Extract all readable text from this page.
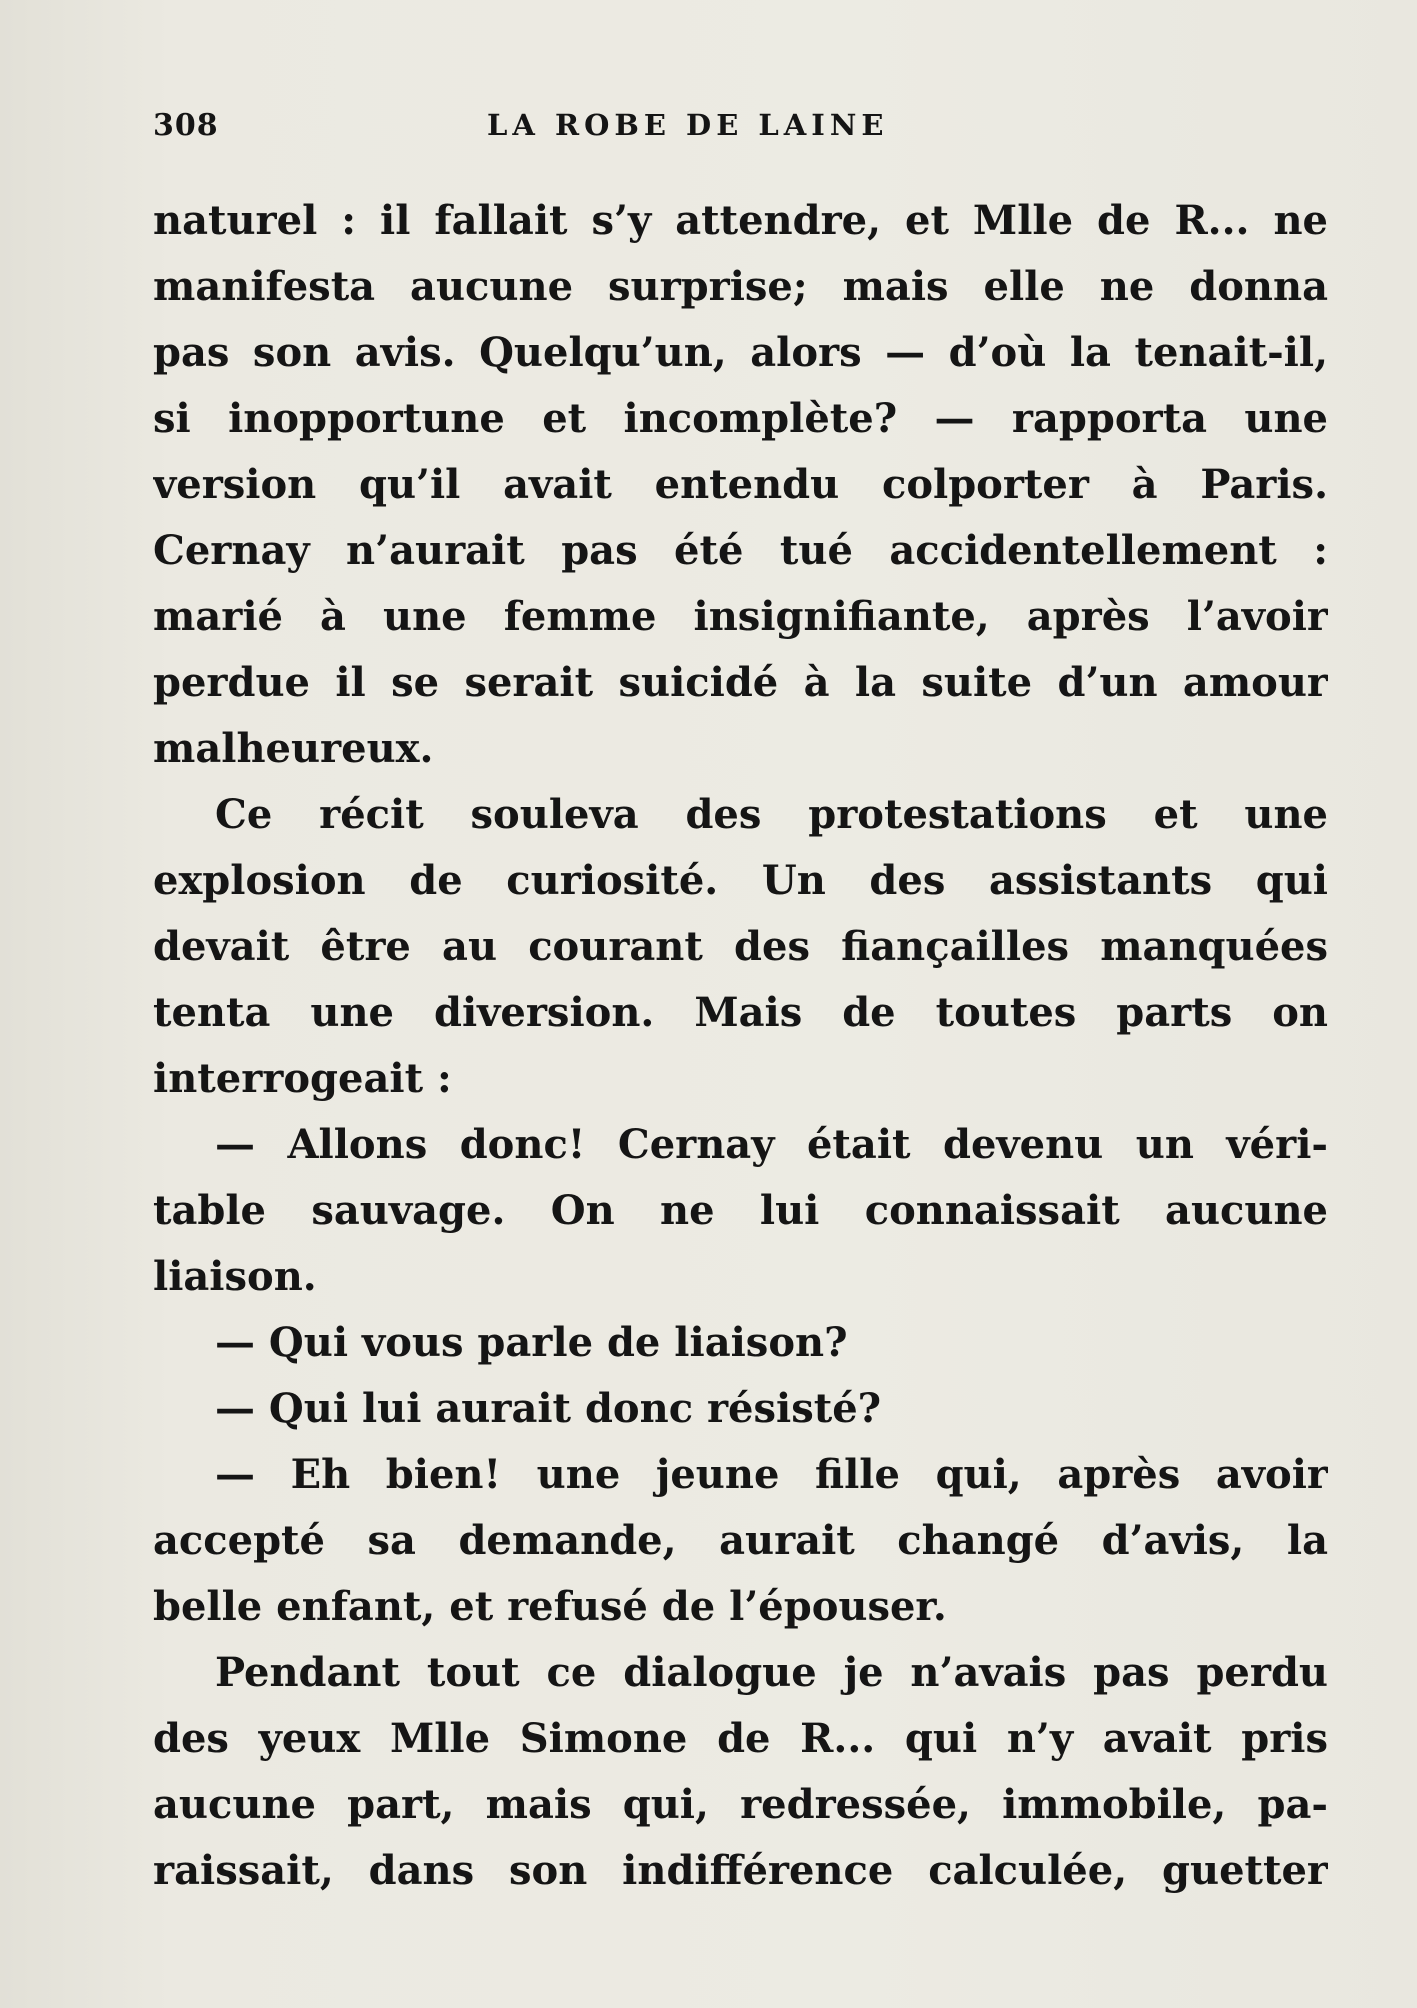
308	LA ROBE DE LAINE
naturel : il fallait s’y attendre, et Mlle de R... ne
manifesta aucune surprise; mais elle ne donna
pas son avis. Quelqu’un, alors — d’où la tenait-il,
si inopportune et incomplète? — rapporta une
version qu’il avait entendu colporter à Paris.
Cernay n’aurait pas été tué accidentellement :
marié à une femme insignifiante, après l’avoir
perdue il se serait suicidé à la suite d’un amour
malheureux.
Ce récit souleva des protestations et une
explosion de curiosité. Un des assistants qui
devait être au courant des fiançailles manquées
tenta une diversion. Mais de toutes parts on
interrogeait :
— Allons donc! Cernay était devenu un véri-
table sauvage. On ne lui connaissait aucune
liaison.
— Qui vous parle de liaison?
— Qui lui aurait donc résisté?
— Eh bien! une jeune fille qui, après avoir
accepté sa demande, aurait changé d’avis, la
belle enfant, et refusé de l’épouser.
Pendant tout ce dialogue je n’avais pas perdu
des yeux Mlle Simone de R... qui n’y avait pris
aucune part, mais qui, redressée, immobile, pa-
raissait, dans son indifférence calculée, guetter
